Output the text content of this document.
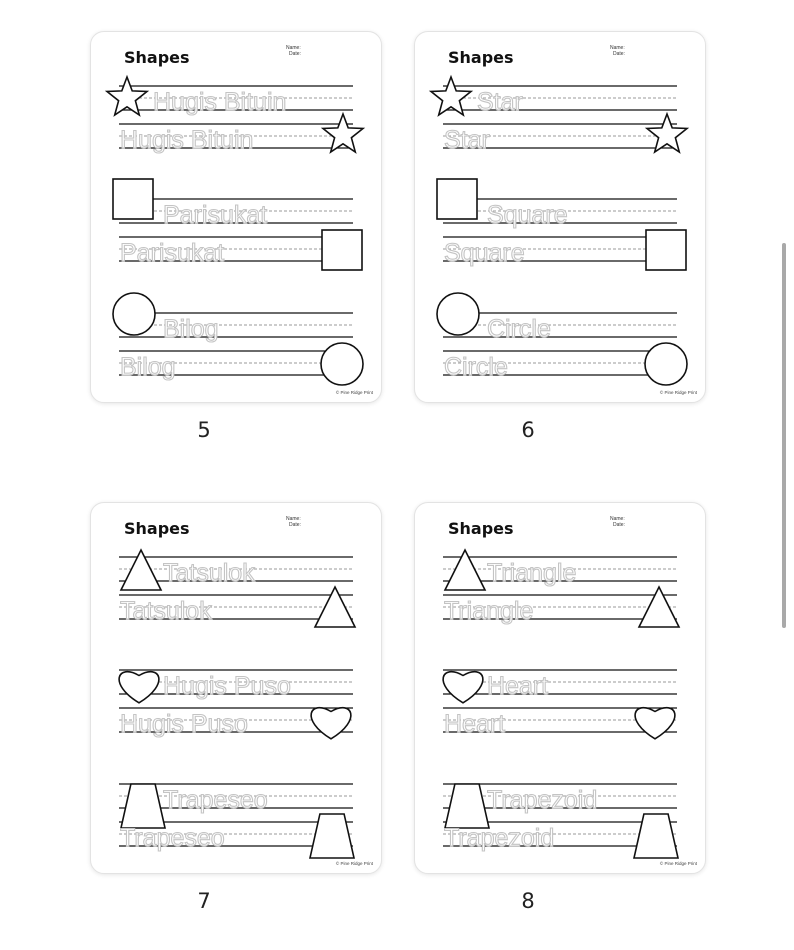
Shapes	Name:
Date:
Hugis Bituin
Hugis Bituin
Parisukat
Parisukat
Bilog
Bilog
© Pine Ridge Print
5
Shapes	Name:
Date:
Star
Star
Square
Square
Circle
Circle
© Pine Ridge Print
6
Shapes	Name:
Date:
Tatsulok
Tatsulok
Hugis Puso
Hugis Puso
Trapeseo
Trapeseo
© Pine Ridge Print
7
Shapes	Name:
Date:
Triangle
Triangle
Heart
Heart
Trapezoid
Trapezoid
© Pine Ridge Print
8
